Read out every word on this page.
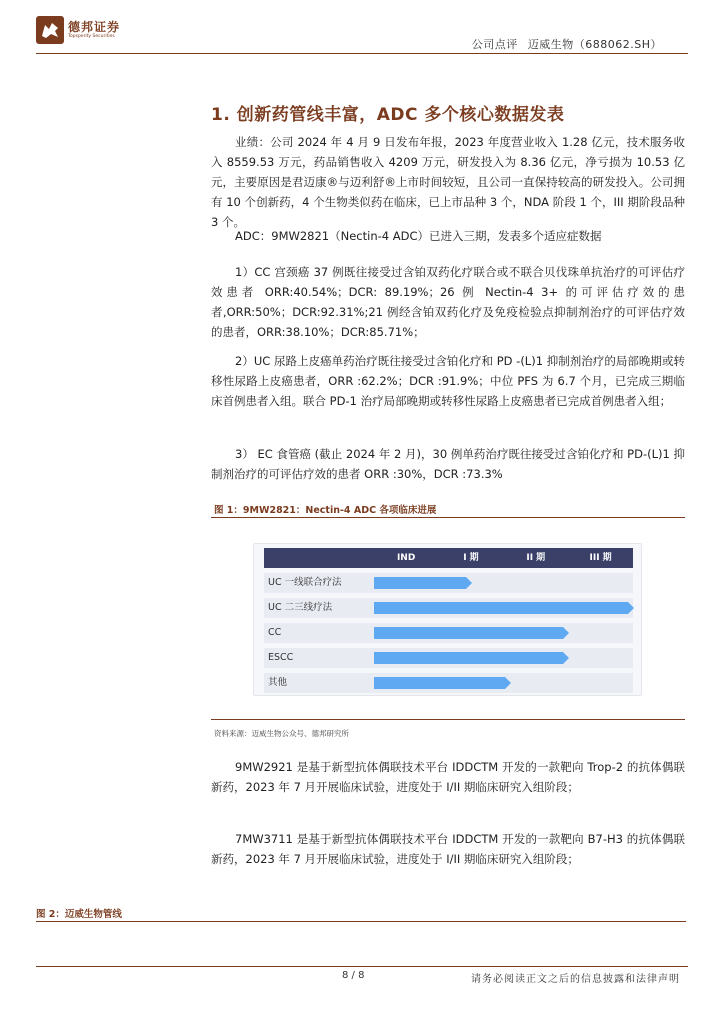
德邦证券
Topsperity Securities
公司点评 迈威生物（688062.SH）
1. 创新药管线丰富，ADC 多个核心数据发表

业绩：公司 2024 年 4 月 9 日发布年报，2023 年度营业收入 1.28 亿元，技术服务收入 8559.53 万元，药品销售收入 4209 万元，研发投入为 8.36 亿元，净亏损为 10.53 亿元，主要原因是君迈康®与迈利舒®上市时间较短，且公司一直保持较高的研发投入。公司拥有 10 个创新药，4 个生物类似药在临床，已上市品种 3 个，NDA 阶段 1 个，III 期阶段品种 3 个。

ADC：9MW2821（Nectin-4 ADC）已进入三期，发表多个适应症数据

1）CC 宫颈癌 37 例既往接受过含铂双药化疗联合或不联合贝伐珠单抗治疗的可评估疗效患者 ORR:40.54%；DCR: 89.19%；26 例 Nectin-4 3+ 的可评估疗效的患者,ORR:50%；DCR:92.31%;21 例经含铂双药化疗及免疫检验点抑制剂治疗的可评估疗效的患者，ORR:38.10%；DCR:85.71%；

2）UC 尿路上皮癌单药治疗既往接受过含铂化疗和 PD -(L)1 抑制剂治疗的局部晚期或转移性尿路上皮癌患者，ORR :62.2%；DCR :91.9%；中位 PFS 为 6.7 个月，已完成三期临床首例患者入组。联合 PD-1 治疗局部晚期或转移性尿路上皮癌患者已完成首例患者入组；

3） EC 食管癌 (截止 2024 年 2 月)，30 例单药治疗既往接受过含铂化疗和 PD-(L)1 抑制剂治疗的可评估疗效的患者 ORR :30%，DCR :73.3%

图 1：9MW2821：Nectin-4 ADC 各项临床进展
IND	I 期	II 期	III 期
UC 一线联合疗法
UC 二三线疗法
CC
ESCC
其他
资料来源：迈威生物公众号、德邦研究所

9MW2921 是基于新型抗体偶联技术平台 IDDCTM 开发的一款靶向 Trop-2 的抗体偶联新药，2023 年 7 月开展临床试验，进度处于 I/II 期临床研究入组阶段；

7MW3711 是基于新型抗体偶联技术平台 IDDCTM 开发的一款靶向 B7-H3 的抗体偶联新药，2023 年 7 月开展临床试验，进度处于 I/II 期临床研究入组阶段；

图 2：迈威生物管线
8 / 8	请务必阅读正文之后的信息披露和法律声明
